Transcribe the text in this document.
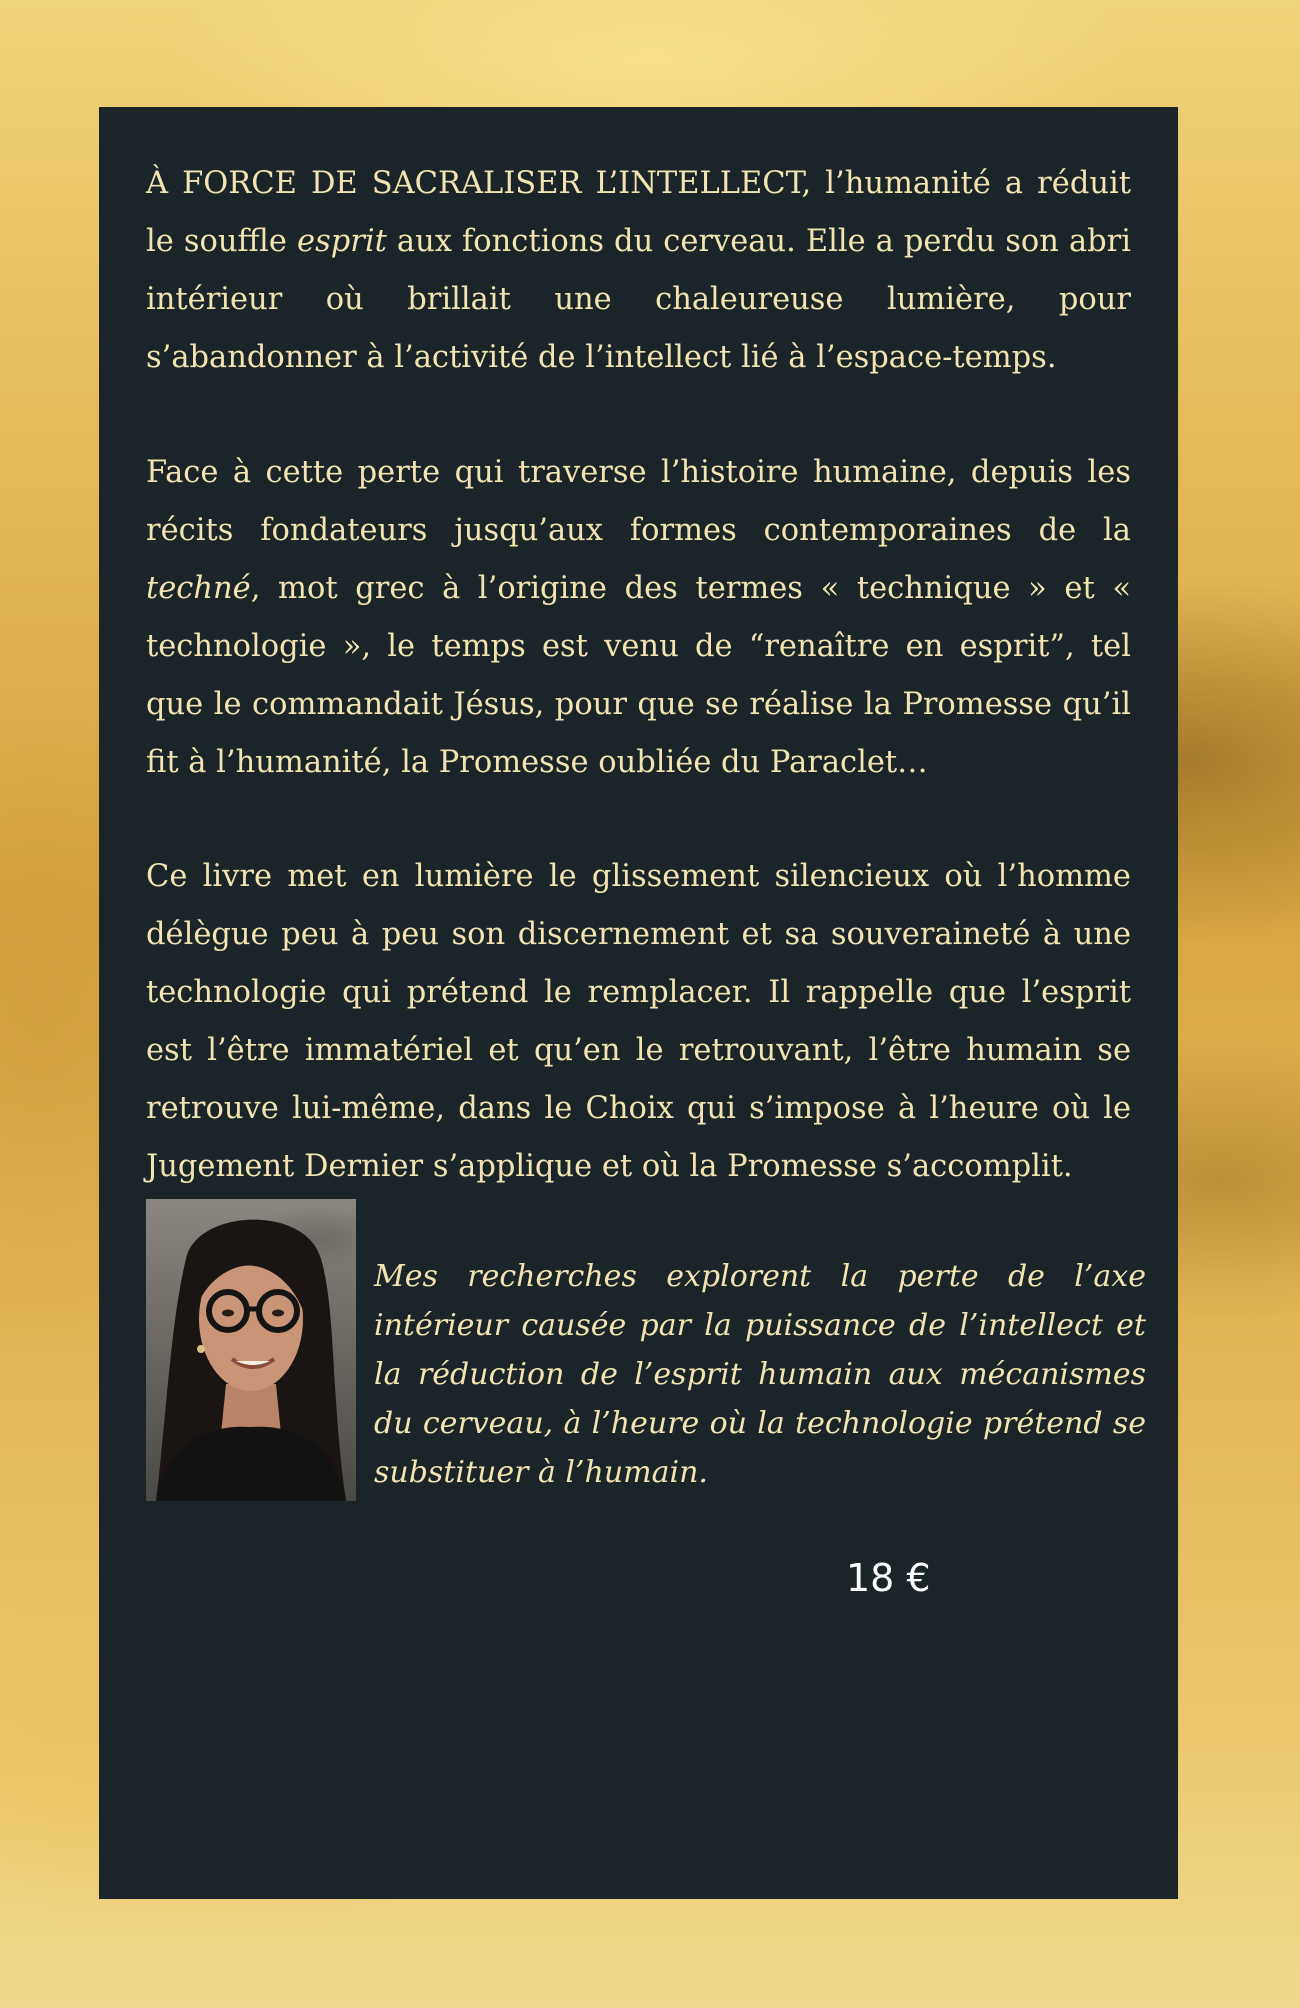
À FORCE DE SACRALISER L’INTELLECT, l’humanité a réduit le souffle esprit aux fonctions du cerveau. Elle a perdu son abri intérieur où brillait une chaleureuse lumière, pour s’abandonner à l’activité de l’intellect lié à l’espace-temps.

Face à cette perte qui traverse l’histoire humaine, depuis les récits fondateurs jusqu’aux formes contemporaines de la techné, mot grec à l’origine des termes « technique » et « technologie », le temps est venu de “renaître en esprit”, tel que le commandait Jésus, pour que se réalise la Promesse qu’il fit à l’humanité, la Promesse oubliée du Paraclet…

Ce livre met en lumière le glissement silencieux où l’homme délègue peu à peu son discernement et sa souveraineté à une technologie qui prétend le remplacer. Il rappelle que l’esprit est l’être immatériel et qu’en le retrouvant, l’être humain se retrouve lui-même, dans le Choix qui s’impose à l’heure où le Jugement Dernier s’applique et où la Promesse s’accomplit.

Mes recherches explorent la perte de l’axe intérieur causée par la puissance de l’intellect et la réduction de l’esprit humain aux mécanismes du cerveau, à l’heure où la technologie prétend se substituer à l’humain.

18 €
